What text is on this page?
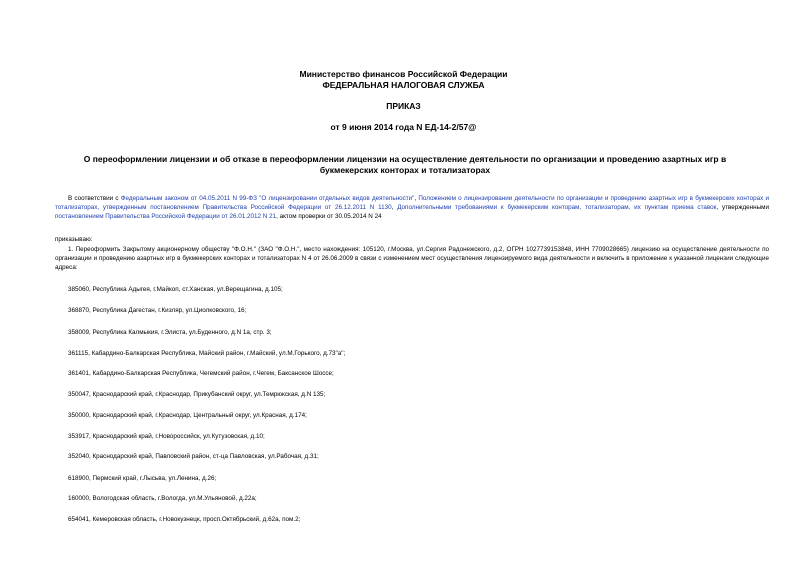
Министерство финансов Российской Федерации
ФЕДЕРАЛЬНАЯ НАЛОГОВАЯ СЛУЖБА
ПРИКАЗ
от 9 июня 2014 года N ЕД-14-2/57@
О переоформлении лицензии и об отказе в переоформлении лицензии на осуществление деятельности по организации и проведению азартных игр в
букмекерских конторах и тотализаторах
В соответствии с Федеральным законом от 04.05.2011 N 99-ФЗ "О лицензировании отдельных видов деятельности", Положением о лицензировании деятельности по организации и проведению азартных игр в букмекерских конторах и тотализаторах, утвержденным постановлением Правительства Российской Федерации от 26.12.2011 N 1130, Дополнительными требованиями к букмекерским конторам, тотализаторам, их пунктам приема ставок, утвержденными постановлением Правительства Российской Федерации от 26.01.2012 N 21, актом проверки от 30.05.2014 N 24
приказываю:
1. Переоформить Закрытому акционерному обществу "Ф.О.Н." (ЗАО "Ф.О.Н.", место нахождения: 105120, г.Москва, ул.Сергия Радонежского, д.2, ОГРН 1027739153848, ИНН 7709028665) лицензию на осуществление деятельности по организации и проведению азартных игр в букмекерских конторах и тотализаторах N 4 от 26.06.2009 в связи с изменением мест осуществления лицензируемого вида деятельности и включить в приложение к указанной лицензии следующие адреса:
385060, Республика Адыгея, г.Майкоп, ст.Ханская, ул.Верещагина, д.105;
368870, Республика Дагестан, г.Кизляр, ул.Циолковского, 16;
358009, Республика Калмыкия, г.Элиста, ул.Буденного, д.N 1а, стр. 3;
361115, Кабардино-Балкарская Республика, Майский район, г.Майский, ул.М.Горького, д.73"а";
361401, Кабардино-Балкарская Республика, Чегемский район, г.Чегем, Баксанское Шоссе;
350047, Краснодарский край, г.Краснодар, Прикубанский округ, ул.Темрюкская, д.N 135;
350000, Краснодарский край, г.Краснодар, Центральный округ, ул.Красная, д.174;
353917, Краснодарский край, г.Новороссийск, ул.Кутузовская, д.10;
352040, Краснодарский край, Павловский район, ст-ца Павловская, ул.Рабочая, д.31;
618900, Пермский край, г.Лысьва, ул.Ленина, д.26;
160000, Вологодская область, г.Вологда, ул.М.Ульяновой, д.22а;
654041, Кемеровская область, г.Новокузнецк, просп.Октябрьский, д.62а, пом.2;
